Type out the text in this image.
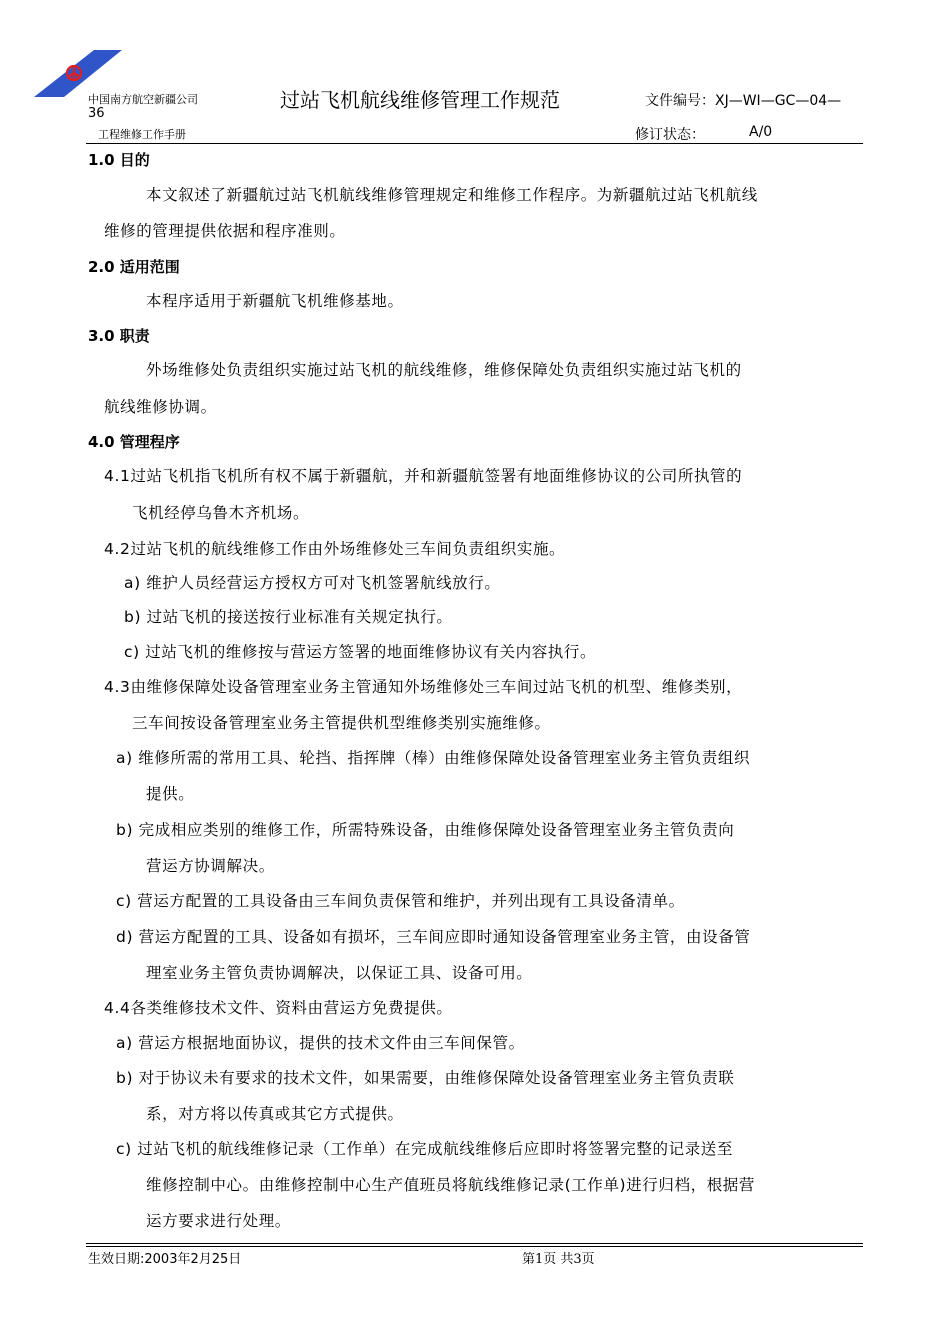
中国南方航空新疆公司
36
工程维修工作手册
过站飞机航线维修管理工作规范	文件编号：XJ—WI—GC—04—
修订状态：	A/0
1.0 目的
本文叙述了新疆航过站飞机航线维修管理规定和维修工作程序。为新疆航过站飞机航线
维修的管理提供依据和程序准则。
2.0 适用范围
本程序适用于新疆航飞机维修基地。
3.0 职责
外场维修处负责组织实施过站飞机的航线维修，维修保障处负责组织实施过站飞机的
航线维修协调。
4.0 管理程序
4.1过站飞机指飞机所有权不属于新疆航，并和新疆航签署有地面维修协议的公司所执管的
飞机经停乌鲁木齐机场。
4.2过站飞机的航线维修工作由外场维修处三车间负责组织实施。
a) 维护人员经营运方授权方可对飞机签署航线放行。
b) 过站飞机的接送按行业标准有关规定执行。
c) 过站飞机的维修按与营运方签署的地面维修协议有关内容执行。
4.3由维修保障处设备管理室业务主管通知外场维修处三车间过站飞机的机型、维修类别，
三车间按设备管理室业务主管提供机型维修类别实施维修。
a) 维修所需的常用工具、轮挡、指挥牌（棒）由维修保障处设备管理室业务主管负责组织
提供。
b) 完成相应类别的维修工作，所需特殊设备，由维修保障处设备管理室业务主管负责向
营运方协调解决。
c) 营运方配置的工具设备由三车间负责保管和维护，并列出现有工具设备清单。
d) 营运方配置的工具、设备如有损坏，三车间应即时通知设备管理室业务主管，由设备管
理室业务主管负责协调解决，以保证工具、设备可用。
4.4各类维修技术文件、资料由营运方免费提供。
a) 营运方根据地面协议，提供的技术文件由三车间保管。
b) 对于协议未有要求的技术文件，如果需要，由维修保障处设备管理室业务主管负责联
系，对方将以传真或其它方式提供。
c) 过站飞机的航线维修记录（工作单）在完成航线维修后应即时将签署完整的记录送至
维修控制中心。由维修控制中心生产值班员将航线维修记录(工作单)进行归档，根据营
运方要求进行处理。
生效日期:2003年2月25日	第1页 共3页
